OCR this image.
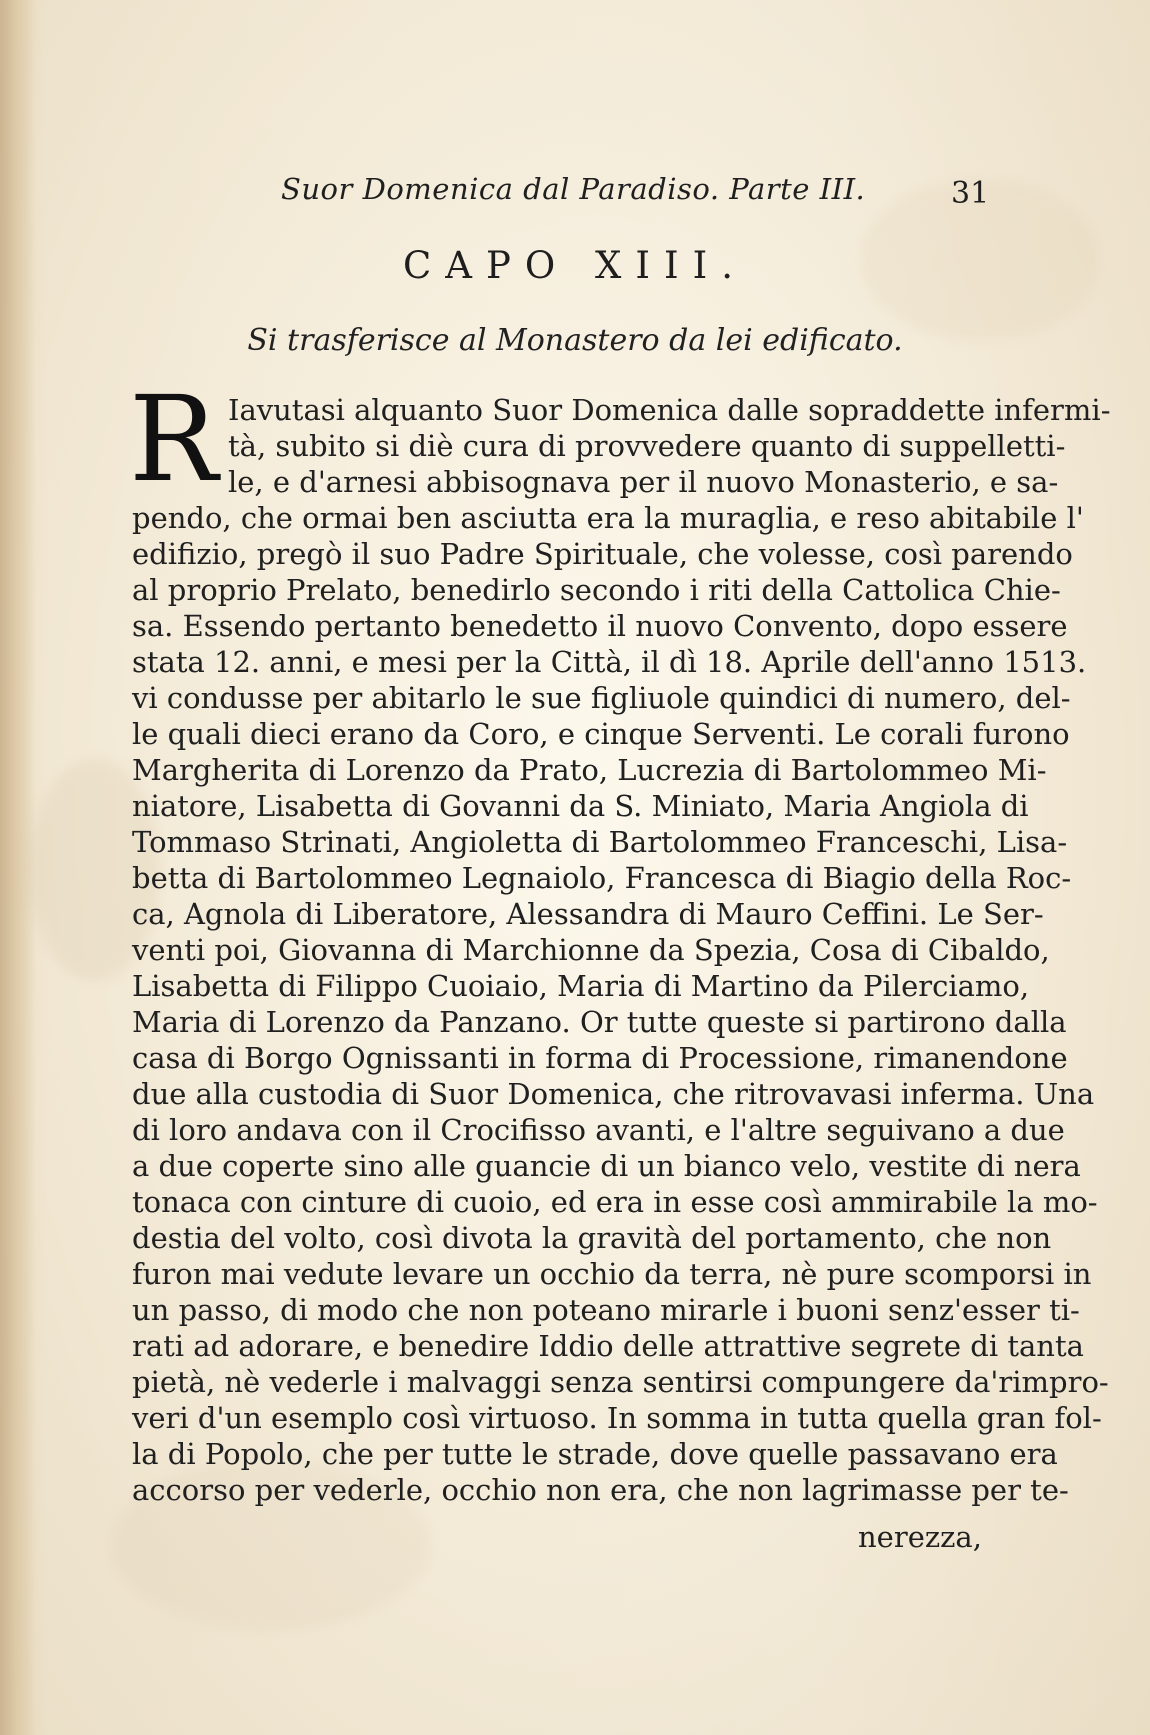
Suor Domenica dal Paradiso. Parte III.	31
CAPO XIII.
Si trasferisce al Monastero da lei edificato.
R Iavutasi alquanto Suor Domenica dalle sopraddette infermi-
tà, subito si diè cura di provvedere quanto di suppelletti-
le, e d'arnesi abbisognava per il nuovo Monasterio, e sa-
pendo, che ormai ben asciutta era la muraglia, e reso abitabile l'
edifizio, pregò il suo Padre Spirituale, che volesse, così parendo
al proprio Prelato, benedirlo secondo i riti della Cattolica Chie-
sa. Essendo pertanto benedetto il nuovo Convento, dopo essere
stata 12. anni, e mesi per la Città, il dì 18. Aprile dell'anno 1513.
vi condusse per abitarlo le sue figliuole quindici di numero, del-
le quali dieci erano da Coro, e cinque Serventi. Le corali furono
Margherita di Lorenzo da Prato, Lucrezia di Bartolommeo Mi-
niatore, Lisabetta di Govanni da S. Miniato, Maria Angiola di
Tommaso Strinati, Angioletta di Bartolommeo Franceschi, Lisa-
betta di Bartolommeo Legnaiolo, Francesca di Biagio della Roc-
ca, Agnola di Liberatore, Alessandra di Mauro Ceffini. Le Ser-
venti poi, Giovanna di Marchionne da Spezia, Cosa di Cibaldo,
Lisabetta di Filippo Cuoiaio, Maria di Martino da Pilerciamo,
Maria di Lorenzo da Panzano. Or tutte queste si partirono dalla
casa di Borgo Ognissanti in forma di Processione, rimanendone
due alla custodia di Suor Domenica, che ritrovavasi inferma. Una
di loro andava con il Crocifisso avanti, e l'altre seguivano a due
a due coperte sino alle guancie di un bianco velo, vestite di nera
tonaca con cinture di cuoio, ed era in esse così ammirabile la mo-
destia del volto, così divota la gravità del portamento, che non
furon mai vedute levare un occhio da terra, nè pure scomporsi in
un passo, di modo che non poteano mirarle i buoni senz'esser ti-
rati ad adorare, e benedire Iddio delle attrattive segrete di tanta
pietà, nè vederle i malvaggi senza sentirsi compungere da'rimpro-
veri d'un esemplo così virtuoso. In somma in tutta quella gran fol-
la di Popolo, che per tutte le strade, dove quelle passavano era
accorso per vederle, occhio non era, che non lagrimasse per te-
nerezza,
